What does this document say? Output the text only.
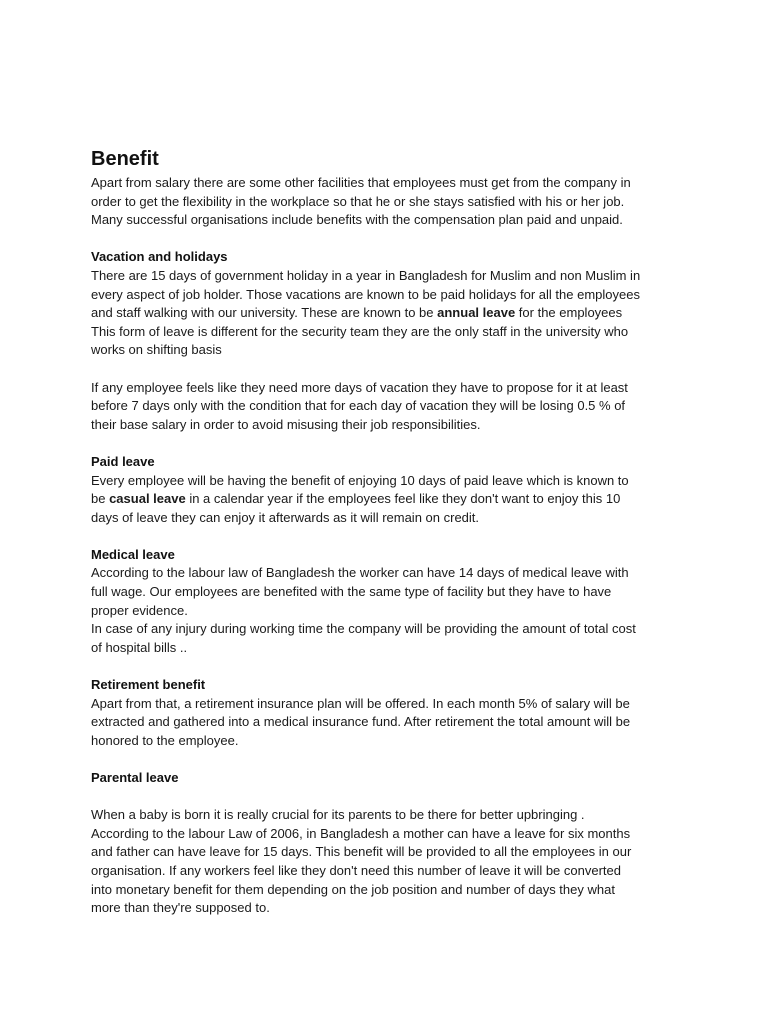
Benefit

Apart from salary there are some other facilities that employees must get from the company in
order to get the flexibility in the workplace so that he or she stays satisfied with his or her job.
Many successful organisations include benefits with the compensation plan paid and unpaid.

Vacation and holidays

There are 15 days of government holiday in a year in Bangladesh for Muslim and non Muslim in
every aspect of job holder. Those vacations are known to be paid holidays for all the employees
and staff walking with our university. These are known to be annual leave for the employees
This form of leave is different for the security team they are the only staff in the university who
works on shifting basis

If any employee feels like they need more days of vacation they have to propose for it at least
before 7 days only with the condition that for each day of vacation they will be losing 0.5 % of
their base salary in order to avoid misusing their job responsibilities.

Paid leave

Every employee will be having the benefit of enjoying 10 days of paid leave which is known to
be casual leave in a calendar year if the employees feel like they don't want to enjoy this 10
days of leave they can enjoy it afterwards as it will remain on credit.

Medical leave

According to the labour law of Bangladesh the worker can have 14 days of medical leave with
full wage. Our employees are benefited with the same type of facility but they have to have
proper evidence.
In case of any injury during working time the company will be providing the amount of total cost
of hospital bills ..

Retirement benefit

Apart from that, a retirement insurance plan will be offered. In each month 5% of salary will be
extracted and gathered into a medical insurance fund. After retirement the total amount will be
honored to the employee.

Parental leave

When a baby is born it is really crucial for its parents to be there for better upbringing .
According to the labour Law of 2006, in Bangladesh a mother can have a leave for six months
and father can have leave for 15 days. This benefit will be provided to all the employees in our
organisation. If any workers feel like they don't need this number of leave it will be converted
into monetary benefit for them depending on the job position and number of days they what
more than they're supposed to.
